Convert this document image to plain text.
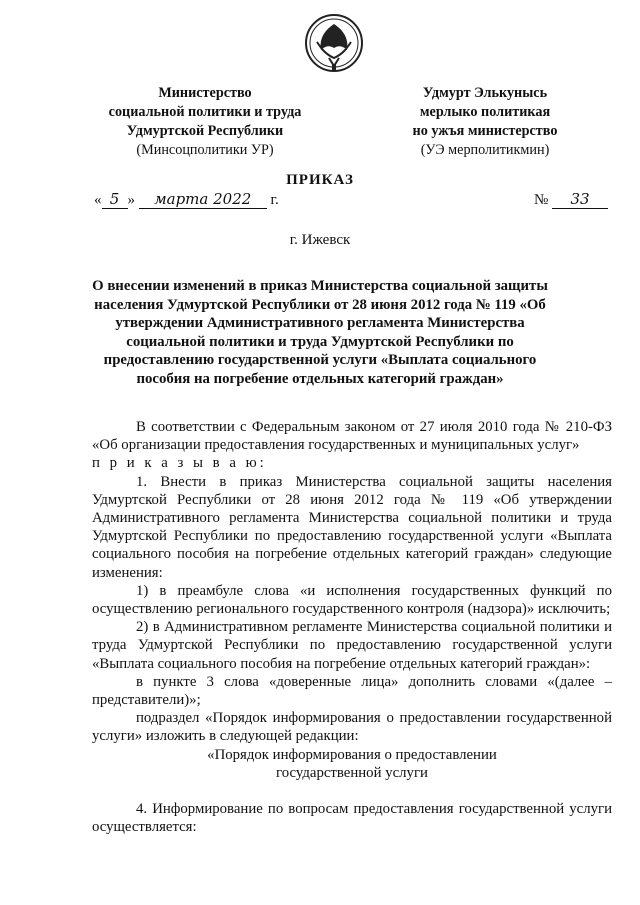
Министерство
социальной политики и труда
Удмуртской Республики
(Минсоцполитики УР)
Удмурт Элькунысь
мерлыко политикая
но ужъя министерство
(УЭ мерполитикмин)
ПРИКАЗ
« 5 » марта 2022 г.	№ 33
г. Ижевск
О внесении изменений в приказ Министерства социальной защиты населения Удмуртской Республики от 28 июня 2012 года № 119 «Об утверждении Административного регламента Министерства социальной политики и труда Удмуртской Республики по предоставлению государственной услуги «Выплата социального пособия на погребение отдельных категорий граждан»

В соответствии с Федеральным законом от 27 июля 2010 года № 210-ФЗ «Об организации предоставления государственных и муниципальных услуг»

п р и к а з ы в а ю:

1. Внести в приказ Министерства социальной защиты населения Удмуртской Республики от 28 июня 2012 года № 119 «Об утверждении Административного регламента Министерства социальной политики и труда Удмуртской Республики по предоставлению государственной услуги «Выплата социального пособия на погребение отдельных категорий граждан» следующие изменения:

1) в преамбуле слова «и исполнения государственных функций по осуществлению регионального государственного контроля (надзора)» исключить;

2) в Административном регламенте Министерства социальной политики и труда Удмуртской Республики по предоставлению государственной услуги «Выплата социального пособия на погребение отдельных категорий граждан»:

в пункте 3 слова «доверенные лица» дополнить словами «(далее – представители)»;

подраздел «Порядок информирования о предоставлении государственной услуги» изложить в следующей редакции:

«Порядок информирования о предоставлении

государственной услуги

4. Информирование по вопросам предоставления государственной услуги осуществляется:
